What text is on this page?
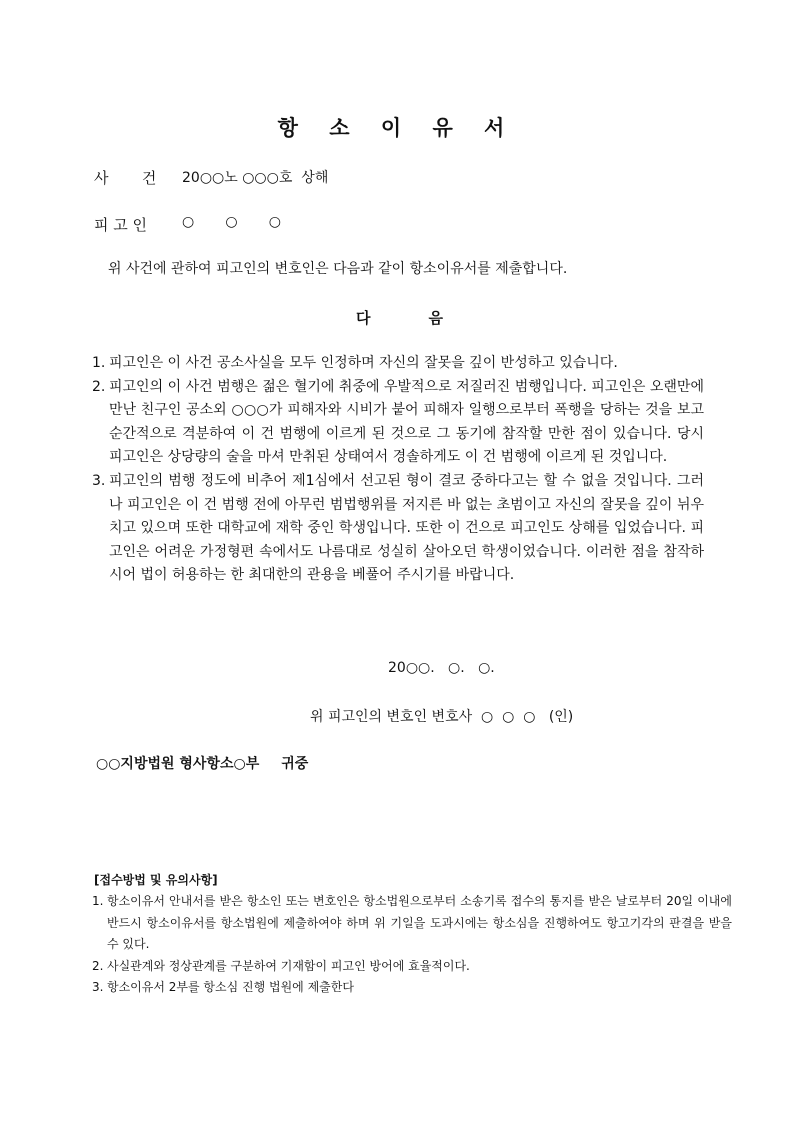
항 소 이 유 서
사       건 20○○노 ○○○호  상해
피 고 인 ○       ○       ○
위 사건에 관하여 피고인의 변호인은 다음과 같이 항소이유서를 제출합니다.
다	음
1. 피고인은 이 사건 공소사실을 모두 인정하며 자신의 잘못을 깊이 반성하고 있습니다.
2. 피고인의 이 사건 범행은 젊은 혈기에 취중에 우발적으로 저질러진 범행입니다. 피고인은 오랜만에 만난 친구인 공소외 ○○○가 피해자와 시비가 붙어 피해자 일행으로부터 폭행을 당하는 것을 보고 순간적으로 격분하여 이 건 범행에 이르게 된 것으로 그 동기에 참작할 만한 점이 있습니다. 당시 피고인은 상당량의 술을 마셔 만취된 상태여서 경솔하게도 이 건 범행에 이르게 된 것입니다.
3. 피고인의 범행 정도에 비추어 제1심에서 선고된 형이 결코 중하다고는 할 수 없을 것입니다. 그러나 피고인은 이 건 범행 전에 아무런 범법행위를 저지른 바 없는 초범이고 자신의 잘못을 깊이 뉘우치고 있으며 또한 대학교에 재학 중인 학생입니다. 또한 이 건으로 피고인도 상해를 입었습니다. 피고인은 어려운 가정형편 속에서도 나름대로 성실히 살아오던 학생이었습니다. 이러한 점을 참작하시어 법이 허용하는 한 최대한의 관용을 베풀어 주시기를 바랍니다.
20○○.   ○.   ○.
위 피고인의 변호인 변호사  ○  ○  ○   (인)
○○지방법원 형사항소○부 귀중
[접수방법 및 유의사항]
1. 항소이유서 안내서를 받은 항소인 또는 변호인은 항소법원으로부터 소송기록 접수의 통지를 받은 날로부터 20일 이내에 반드시 항소이유서를 항소법원에 제출하여야 하며 위 기일을 도과시에는 항소심을 진행하여도 항고기각의 판결을 받을 수 있다.
2. 사실관계와 정상관계를 구분하여 기재함이 피고인 방어에 효율적이다.
3. 항소이유서 2부를 항소심 진행 법원에 제출한다
